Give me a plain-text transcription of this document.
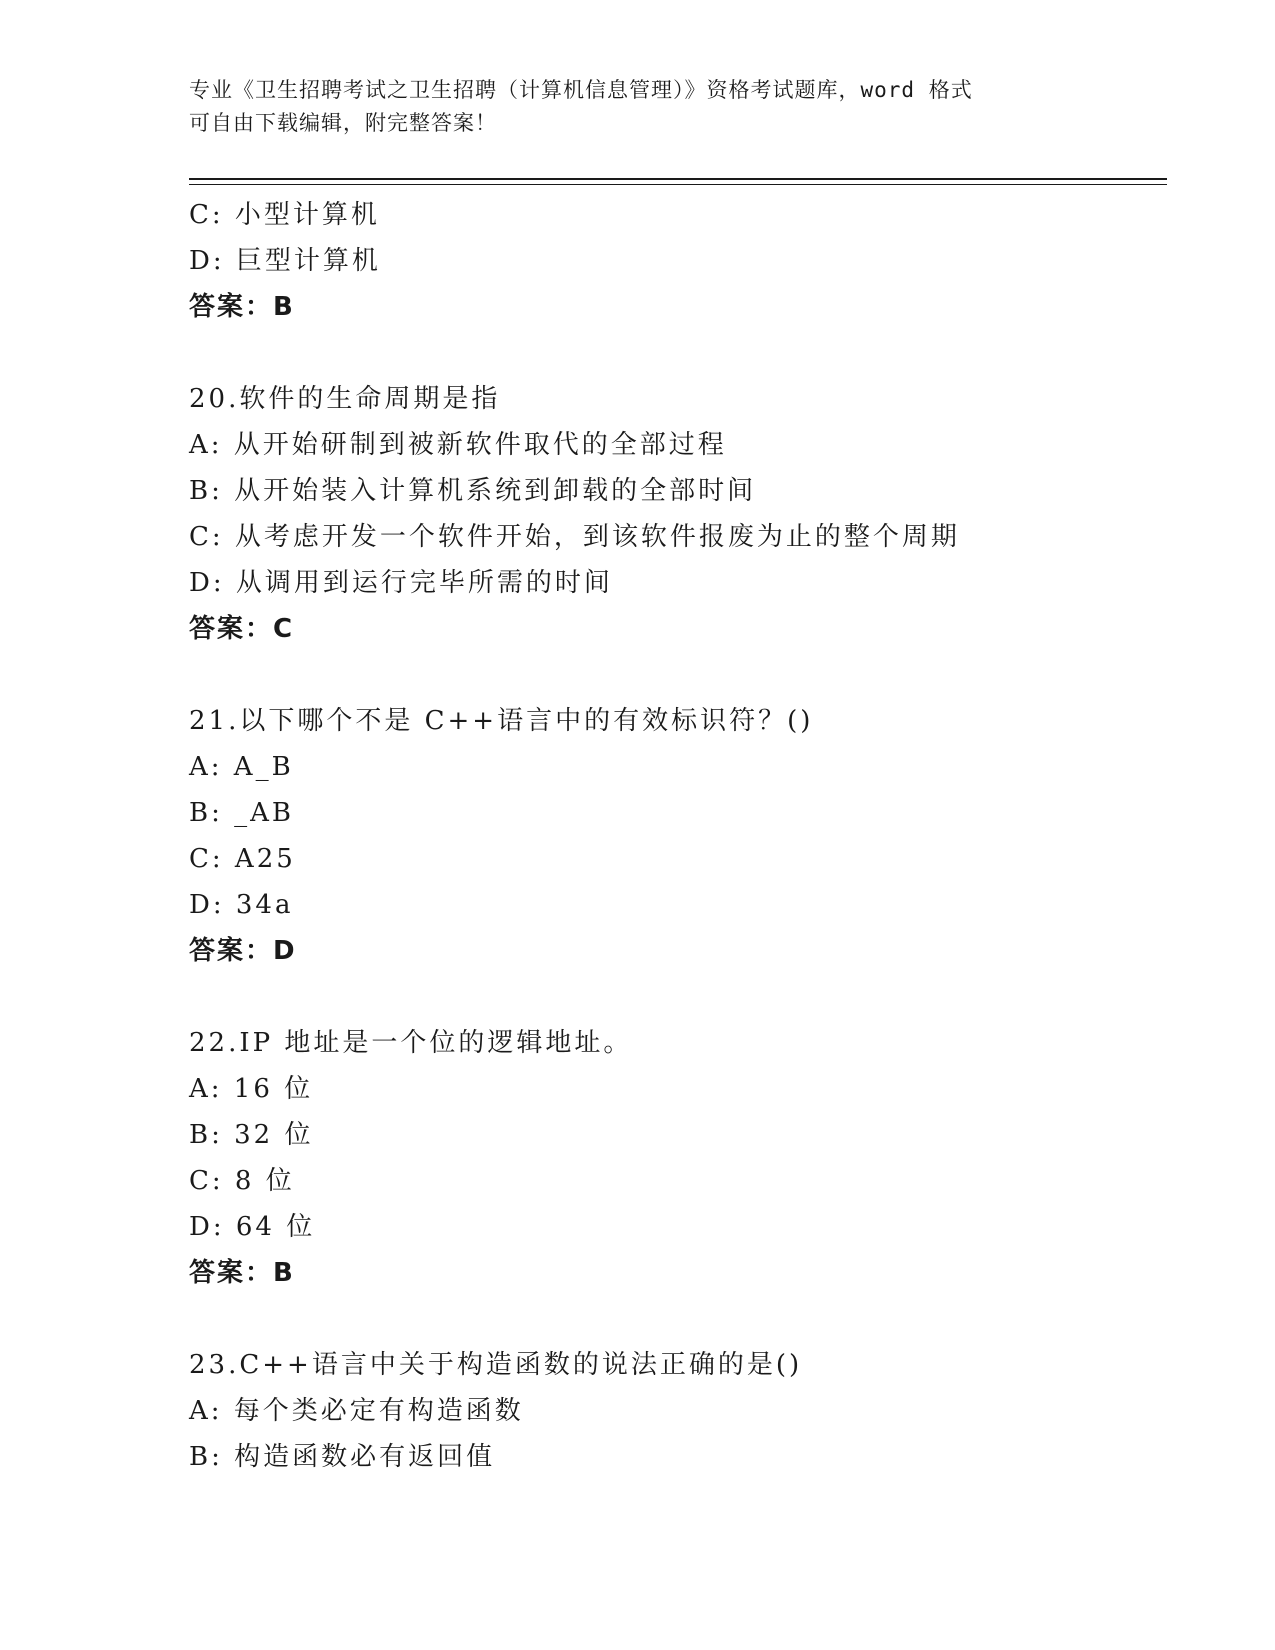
专业《卫生招聘考试之卫生招聘（计算机信息管理）》资格考试题库，word 格式
可自由下载编辑，附完整答案！
C: 小型计算机
D: 巨型计算机
答案：B
20.软件的生命周期是指
A: 从开始研制到被新软件取代的全部过程
B: 从开始装入计算机系统到卸载的全部时间
C: 从考虑开发一个软件开始，到该软件报废为止的整个周期
D: 从调用到运行完毕所需的时间
答案：C
21.以下哪个不是 C++语言中的有效标识符？()
A: A_B
B: _AB
C: A25
D: 34a
答案：D
22.IP 地址是一个位的逻辑地址。
A: 16 位
B: 32 位
C: 8 位
D: 64 位
答案：B
23.C++语言中关于构造函数的说法正确的是()
A: 每个类必定有构造函数
B: 构造函数必有返回值
